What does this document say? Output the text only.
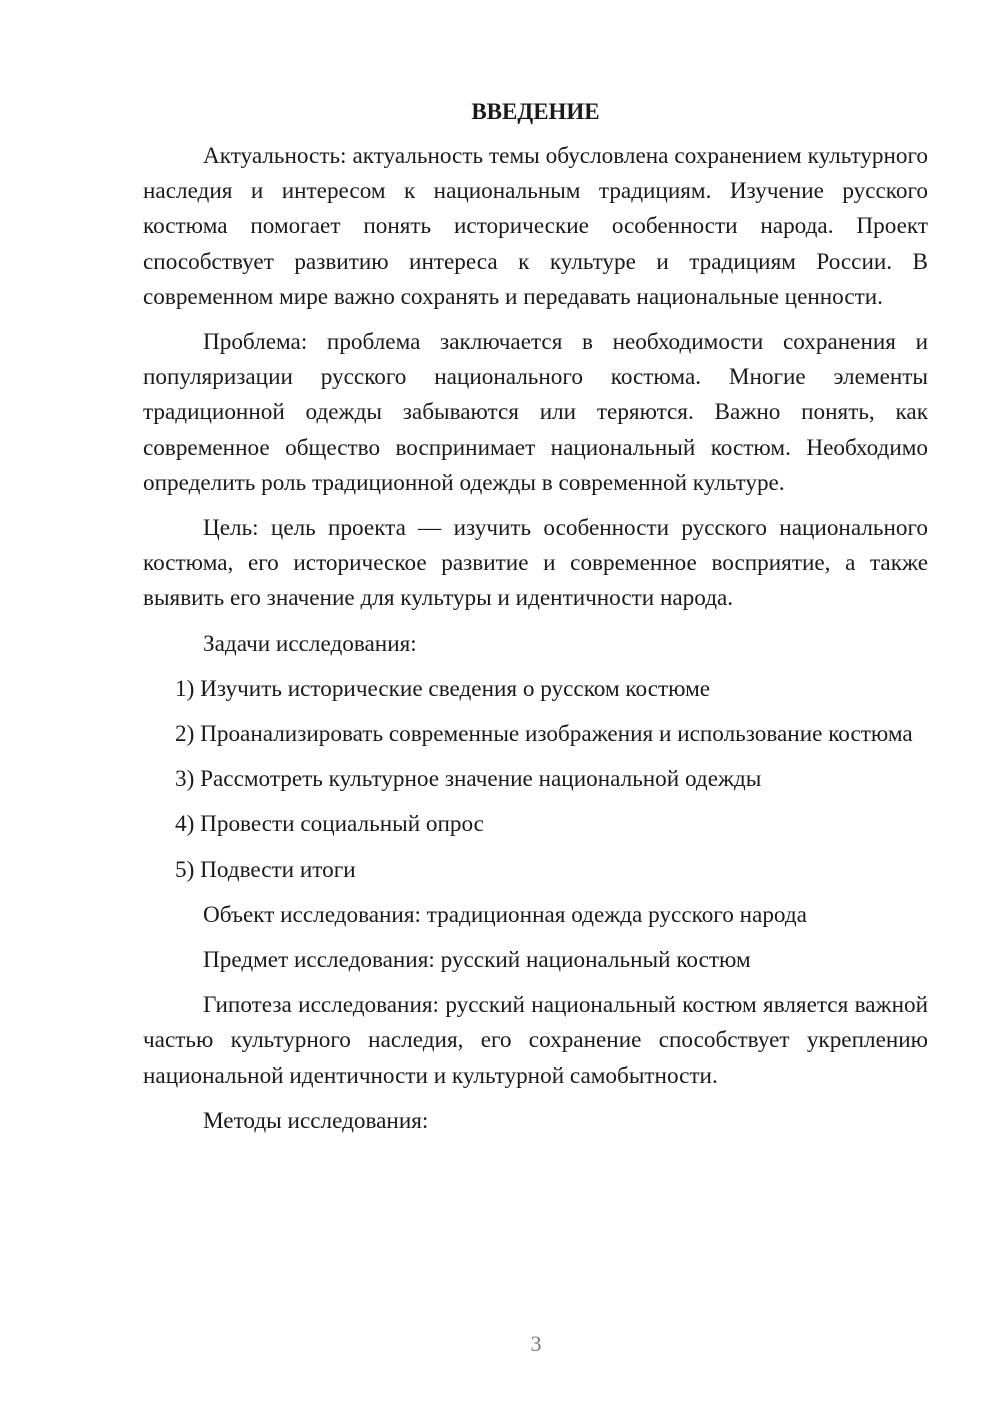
ВВЕДЕНИЕ

Актуальность: актуальность темы обусловлена сохранением культурного наследия и интересом к национальным традициям. Изучение русского костюма помогает понять исторические особенности народа. Проект способствует развитию интереса к культуре и традициям России. В современном мире важно сохранять и передавать национальные ценности.

Проблема: проблема заключается в необходимости сохранения и популяризации русского национального костюма. Многие элементы традиционной одежды забываются или теряются. Важно понять, как современное общество воспринимает национальный костюм. Необходимо определить роль традиционной одежды в современной культуре.

Цель: цель проекта — изучить особенности русского национального костюма, его историческое развитие и современное восприятие, а также выявить его значение для культуры и идентичности народа.

Задачи исследования:

1) Изучить исторические сведения о русском костюме

2) Проанализировать современные изображения и использование костюма

3) Рассмотреть культурное значение национальной одежды

4) Провести социальный опрос

5) Подвести итоги

Объект исследования: традиционная одежда русского народа

Предмет исследования: русский национальный костюм

Гипотеза исследования: русский национальный костюм является важной частью культурного наследия, его сохранение способствует укреплению национальной идентичности и культурной самобытности.

Методы исследования:

3
